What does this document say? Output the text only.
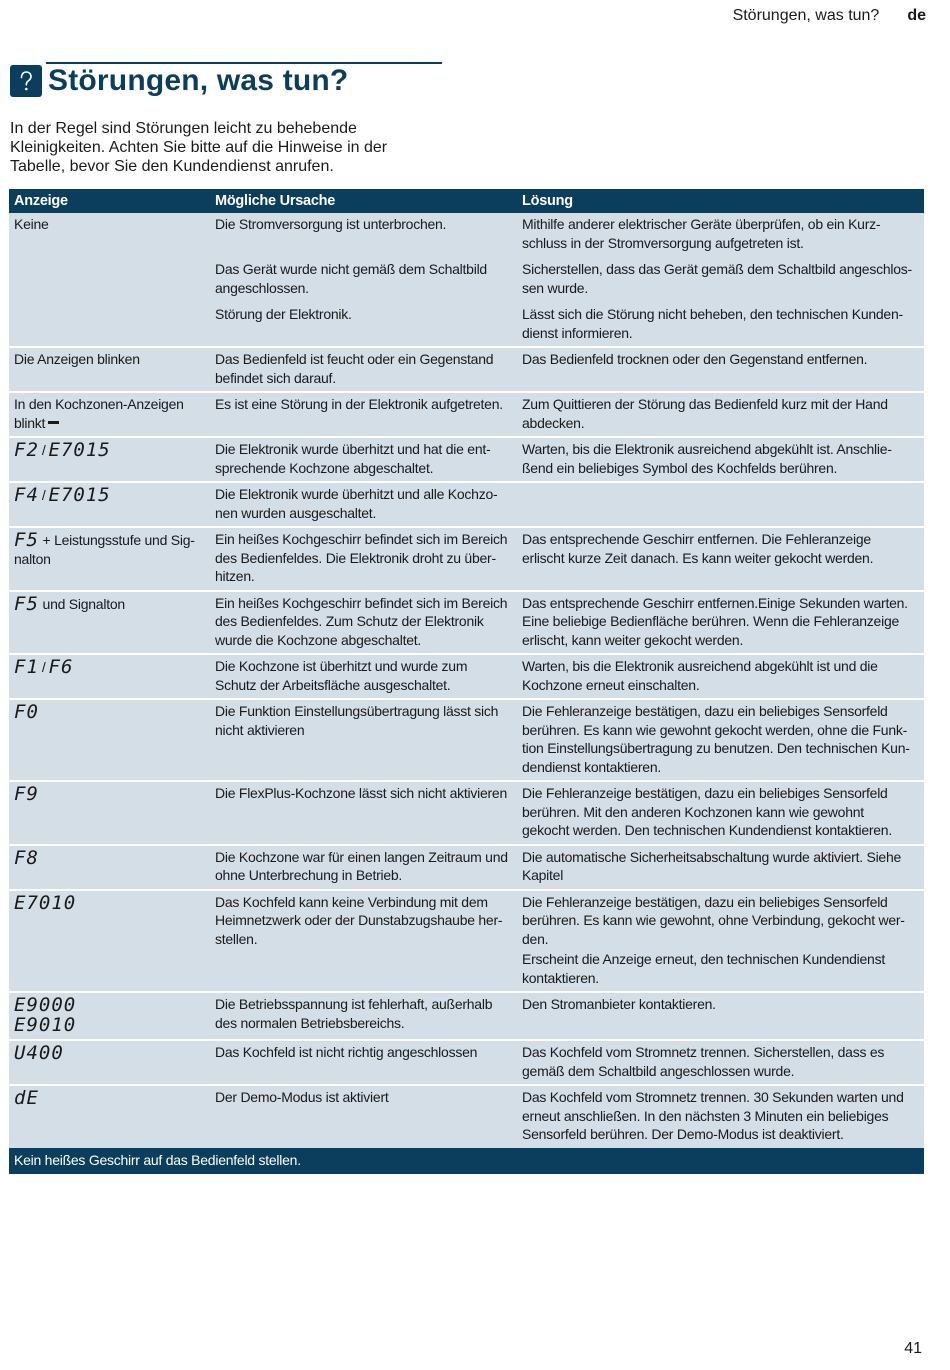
Störungen, was tun? de
Störungen, was tun?

In der Regel sind Störungen leicht zu behebende
Kleinigkeiten. Achten Sie bitte auf die Hinweise in der
Tabelle, bevor Sie den Kundendienst anrufen.

Anzeige	Mögliche Ursache	Lösung
Keine	Die Stromversorgung ist unterbrochen.	Mithilfe anderer elektrischer Geräte überprüfen, ob ein Kurz-
schluss in der Stromversorgung aufgetreten ist.
	Das Gerät wurde nicht gemäß dem Schaltbild
angeschlossen.	Sicherstellen, dass das Gerät gemäß dem Schaltbild angeschlos-
sen wurde.
	Störung der Elektronik.	Lässt sich die Störung nicht beheben, den technischen Kunden-
dienst informieren.
Die Anzeigen blinken	Das Bedienfeld ist feucht oder ein Gegenstand
befindet sich darauf.	Das Bedienfeld trocknen oder den Gegenstand entfernen.
In den Kochzonen-Anzeigen
blinkt	Es ist eine Störung in der Elektronik aufgetreten.	Zum Quittieren der Störung das Bedienfeld kurz mit der Hand
abdecken.
F2 / E7015	Die Elektronik wurde überhitzt und hat die ent-
sprechende Kochzone abgeschaltet.	Warten, bis die Elektronik ausreichend abgekühlt ist. Anschlie-
ßend ein beliebiges Symbol des Kochfelds berühren.
F4 / E7015	Die Elektronik wurde überhitzt und alle Kochzo-
nen wurden ausgeschaltet.	
F5 + Leistungsstufe und Sig-
nalton	Ein heißes Kochgeschirr befindet sich im Bereich
des Bedienfeldes. Die Elektronik droht zu über-
hitzen.	Das entsprechende Geschirr entfernen. Die Fehleranzeige
erlischt kurze Zeit danach. Es kann weiter gekocht werden.
F5 und Signalton	Ein heißes Kochgeschirr befindet sich im Bereich
des Bedienfeldes. Zum Schutz der Elektronik
wurde die Kochzone abgeschaltet.	Das entsprechende Geschirr entfernen.Einige Sekunden warten.
Eine beliebige Bedienfläche berühren. Wenn die Fehleranzeige
erlischt, kann weiter gekocht werden.
F1 / F6	Die Kochzone ist überhitzt und wurde zum
Schutz der Arbeitsfläche ausgeschaltet.	Warten, bis die Elektronik ausreichend abgekühlt ist und die
Kochzone erneut einschalten.
F0	Die Funktion Einstellungsübertragung lässt sich
nicht aktivieren	Die Fehleranzeige bestätigen, dazu ein beliebiges Sensorfeld
berühren. Es kann wie gewohnt gekocht werden, ohne die Funk-
tion Einstellungsübertragung zu benutzen. Den technischen Kun-
dendienst kontaktieren.
F9	Die FlexPlus-Kochzone lässt sich nicht aktivieren	Die Fehleranzeige bestätigen, dazu ein beliebiges Sensorfeld
berühren. Mit den anderen Kochzonen kann wie gewohnt
gekocht werden. Den technischen Kundendienst kontaktieren.
F8	Die Kochzone war für einen langen Zeitraum und
ohne Unterbrechung in Betrieb.	Die automatische Sicherheitsabschaltung wurde aktiviert. Siehe
Kapitel
E7010	Das Kochfeld kann keine Verbindung mit dem
Heimnetzwerk oder der Dunstabzugshaube her-
stellen.	Die Fehleranzeige bestätigen, dazu ein beliebiges Sensorfeld
berühren. Es kann wie gewohnt, ohne Verbindung, gekocht wer-
den.
Erscheint die Anzeige erneut, den technischen Kundendienst
kontaktieren.
E9000
E9010	Die Betriebsspannung ist fehlerhaft, außerhalb
des normalen Betriebsbereichs.	Den Stromanbieter kontaktieren.
U400	Das Kochfeld ist nicht richtig angeschlossen	Das Kochfeld vom Stromnetz trennen. Sicherstellen, dass es
gemäß dem Schaltbild angeschlossen wurde.
dE	Der Demo-Modus ist aktiviert	Das Kochfeld vom Stromnetz trennen. 30 Sekunden warten und
erneut anschließen. In den nächsten 3 Minuten ein beliebiges
Sensorfeld berühren. Der Demo-Modus ist deaktiviert.
Kein heißes Geschirr auf das Bedienfeld stellen.		
41
